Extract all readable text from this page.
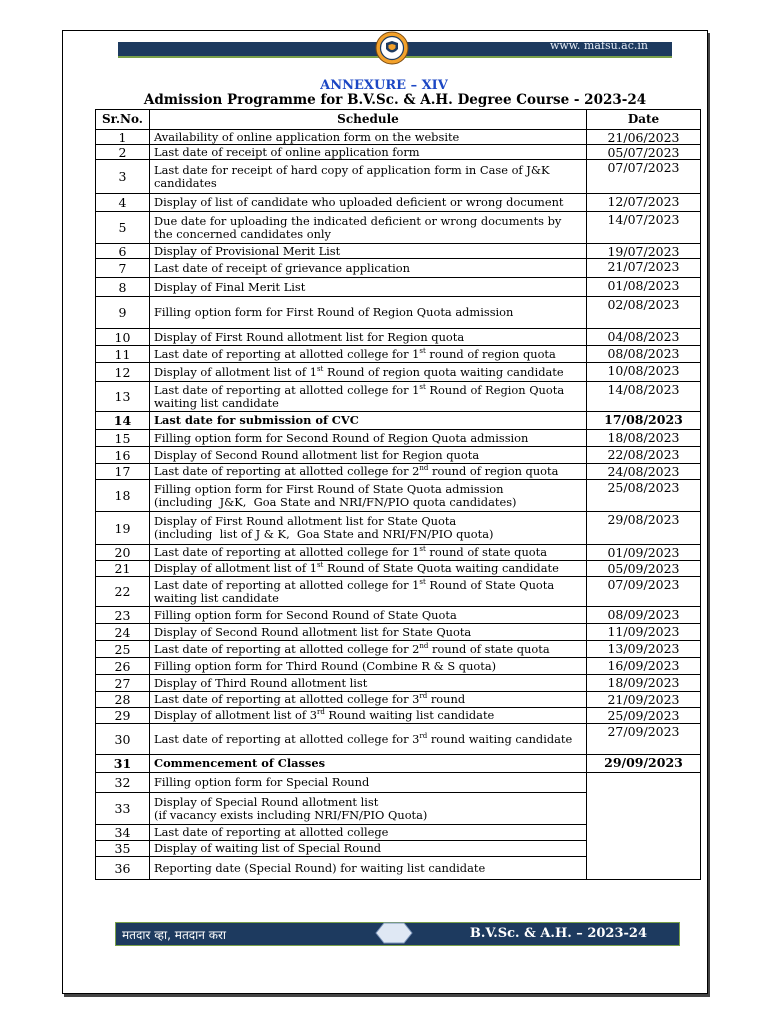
www. mafsu.ac.in
ANNEXURE – XIV
Admission Programme for B.V.Sc. & A.H. Degree Course - 2023-24
Sr.No.	Schedule	Date
1	Availability of online application form on the website	21/06/2023
2	Last date of receipt of online application form	05/07/2023
3	Last date for receipt of hard copy of application form in Case of J&K candidates	07/07/2023
4	Display of list of candidate who uploaded deficient or wrong document	12/07/2023
5	Due date for uploading the indicated deficient or wrong documents by the concerned candidates only	14/07/2023
6	Display of Provisional Merit List	19/07/2023
7	Last date of receipt of grievance application	21/07/2023
8	Display of Final Merit List	01/08/2023
9	Filling option form for First Round of Region Quota admission	02/08/2023
10	Display of First Round allotment list for Region quota	04/08/2023
11	Last date of reporting at allotted college for 1st round of region quota	08/08/2023
12	Display of allotment list of 1st Round of region quota waiting candidate	10/08/2023
13	Last date of reporting at allotted college for 1st Round of Region Quota waiting list candidate	14/08/2023
14	Last date for submission of CVC	17/08/2023
15	Filling option form for Second Round of Region Quota admission	18/08/2023
16	Display of Second Round allotment list for Region quota	22/08/2023
17	Last date of reporting at allotted college for 2nd round of region quota	24/08/2023
18	Filling option form for First Round of State Quota admission
(including  J&K,  Goa State and NRI/FN/PIO quota candidates)	25/08/2023
19	Display of First Round allotment list for State Quota
(including  list of J & K,  Goa State and NRI/FN/PIO quota)	29/08/2023
20	Last date of reporting at allotted college for 1st round of state quota	01/09/2023
21	Display of allotment list of 1st Round of State Quota waiting candidate	05/09/2023
22	Last date of reporting at allotted college for 1st Round of State Quota waiting list candidate	07/09/2023
23	Filling option form for Second Round of State Quota	08/09/2023
24	Display of Second Round allotment list for State Quota	11/09/2023
25	Last date of reporting at allotted college for 2nd round of state quota	13/09/2023
26	Filling option form for Third Round (Combine R & S quota)	16/09/2023
27	Display of Third Round allotment list	18/09/2023
28	Last date of reporting at allotted college for 3rd round	21/09/2023
29	Display of allotment list of 3rd Round waiting list candidate	25/09/2023
30	Last date of reporting at allotted college for 3rd round waiting candidate	27/09/2023
31	Commencement of Classes	29/09/2023
32	Filling option form for Special Round	
33	Display of Special Round allotment list
(if vacancy exists including NRI/FN/PIO Quota)	
34	Last date of reporting at allotted college	
35	Display of waiting list of Special Round	
36	Reporting date (Special Round) for waiting list candidate	
मतदार व्हा, मतदान करा	B.V.Sc. & A.H. – 2023-24
